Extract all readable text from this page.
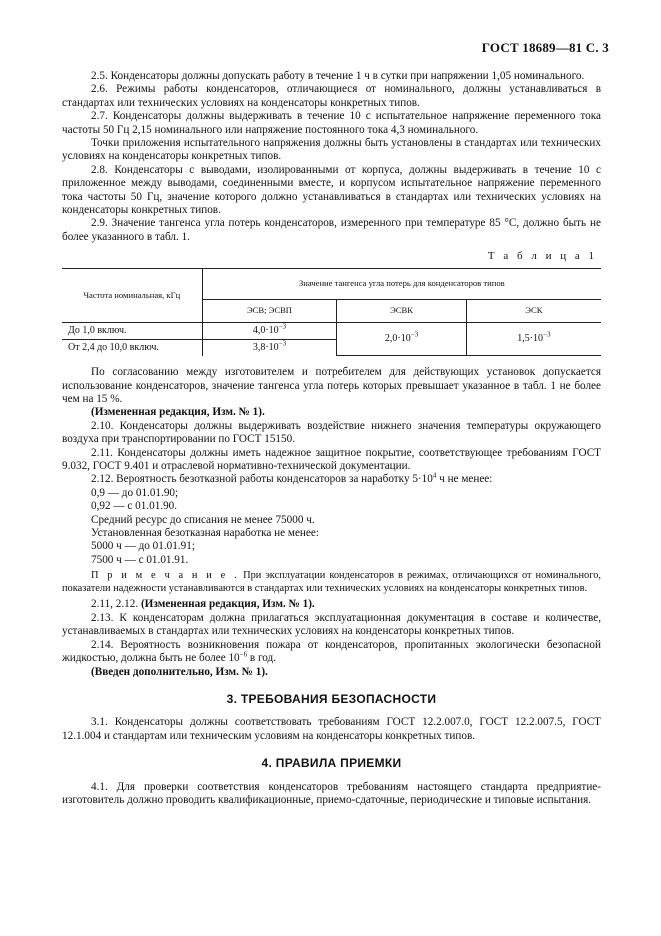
ГОСТ 18689—81 С. 3

2.5. Конденсаторы должны допускать работу в течение 1 ч в сутки при напряжении 1,05 номинального.

2.6. Режимы работы конденсаторов, отличающиеся от номинального, должны устанавливаться в стандартах или технических условиях на конденсаторы конкретных типов.

2.7. Конденсаторы должны выдерживать в течение 10 с испытательное напряжение переменного тока частоты 50 Гц 2,15 номинального или напряжение постоянного тока 4,3 номинального.

Точки приложения испытательного напряжения должны быть установлены в стандартах или технических условиях на конденсаторы конкретных типов.

2.8. Конденсаторы с выводами, изолированными от корпуса, должны выдерживать в течение 10 с приложенное между выводами, соединенными вместе, и корпусом испытательное напряжение переменного тока частоты 50 Гц, значение которого должно устанавливаться в стандартах или технических условиях на конденсаторы конкретных типов.

2.9. Значение тангенса угла потерь конденсаторов, измеренного при температуре 85 °С, должно быть не более указанного в табл. 1.

Т а б л и ц а 1
Частота номинальная, кГц	Значение тангенса угла потерь для конденсаторов типов		
	ЭСВ; ЭСВП	ЭСВК	ЭСК
До 1,0 включ.	$4,0\cdot 10^{-3}$	$2,0\cdot 10^{-3}$	$1,5\cdot 10^{-3}$
От 2,4 до 10,0 включ.	$3,8\cdot 10^{-3}$

По согласованию между изготовителем и потребителем для действующих установок допускается использование конденсаторов, значение тангенса угла потерь которых превышает указанное в табл. 1 не более чем на 15 %.

(Измененная редакция, Изм. № 1).

2.10. Конденсаторы должны выдерживать воздействие нижнего значения температуры окружающего воздуха при транспортировании по ГОСТ 15150.

2.11. Конденсаторы должны иметь надежное защитное покрытие, соответствующее требованиям ГОСТ 9.032, ГОСТ 9.401 и отраслевой нормативно-технической документации.

2.12. Вероятность безотказной работы конденсаторов за наработку $5\cdot 10^4$ ч не менее:

0,9 — до 01.01.90;

0,92 — с 01.01.90.

Средний ресурс до списания не менее 75000 ч.

Установленная безотказная наработка не менее:

5000 ч — до 01.01.91;

7500 ч — с 01.01.91.

П р и м е ч а н и е . При эксплуатации конденсаторов в режимах, отличающихся от номинального, показатели надежности устанавливаются в стандартах или технических условиях на конденсаторы конкретных типов.

2.11, 2.12. (Измененная редакция, Изм. № 1).

2.13. К конденсаторам должна прилагаться эксплуатационная документация в составе и количестве, устанавливаемых в стандартах или технических условиях на конденсаторы конкретных типов.

2.14. Вероятность возникновения пожара от конденсаторов, пропитанных экологически безопасной жидкостью, должна быть не более $10^{-6}$ в год.

(Введен дополнительно, Изм. № 1).

3. ТРЕБОВАНИЯ БЕЗОПАСНОСТИ

3.1. Конденсаторы должны соответствовать требованиям ГОСТ 12.2.007.0, ГОСТ 12.2.007.5, ГОСТ 12.1.004 и стандартам или техническим условиям на конденсаторы конкретных типов.

4. ПРАВИЛА ПРИЕМКИ

4.1. Для проверки соответствия конденсаторов требованиям настоящего стандарта предприятие-изготовитель должно проводить квалификационные, приемо-сдаточные, периодические и типовые испытания.
